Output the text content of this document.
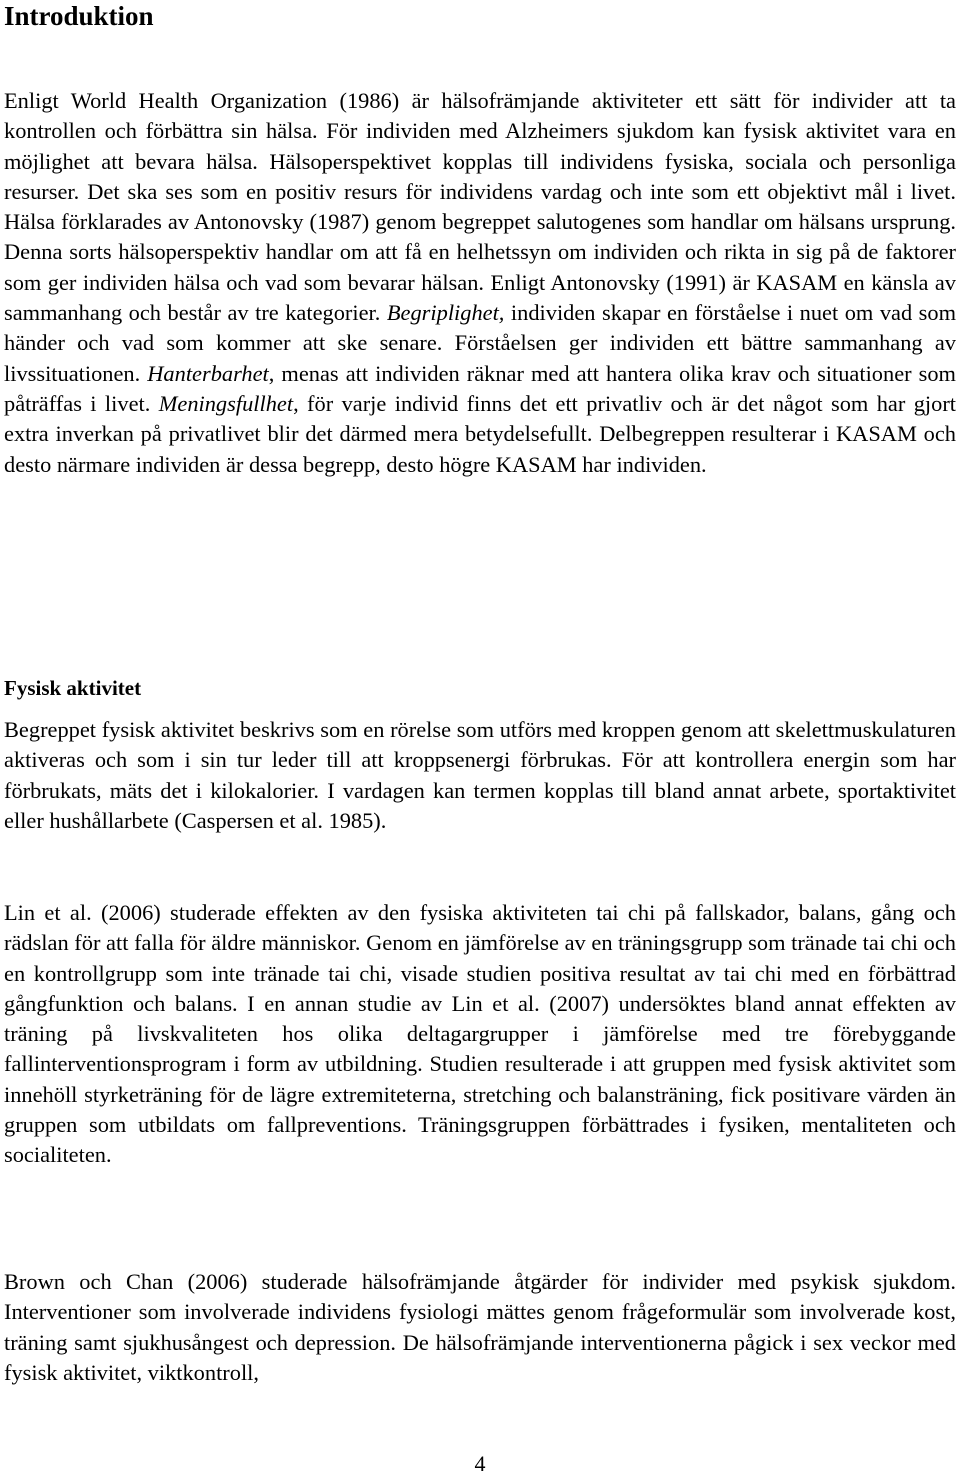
Introduktion

Enligt World Health Organization (1986) är hälsofrämjande aktiviteter ett sätt för individer att ta kontrollen och förbättra sin hälsa. För individen med Alzheimers sjukdom kan fysisk aktivitet vara en möjlighet att bevara hälsa. Hälsoperspektivet kopplas till individens fysiska, sociala och personliga resurser. Det ska ses som en positiv resurs för individens vardag och inte som ett objektivt mål i livet. Hälsa förklarades av Antonovsky (1987) genom begreppet salutogenes som handlar om hälsans ursprung. Denna sorts hälsoperspektiv handlar om att få en helhetssyn om individen och rikta in sig på de faktorer som ger individen hälsa och vad som bevarar hälsan. Enligt Antonovsky (1991) är KASAM en känsla av sammanhang och består av tre kategorier. Begriplighet, individen skapar en förståelse i nuet om vad som händer och vad som kommer att ske senare. Förståelsen ger individen ett bättre sammanhang av livssituationen. Hanterbarhet, menas att individen räknar med att hantera olika krav och situationer som påträffas i livet. Meningsfullhet, för varje individ finns det ett privatliv och är det något som har gjort extra inverkan på privatlivet blir det därmed mera betydelsefullt. Delbegreppen resulterar i KASAM och desto närmare individen är dessa begrepp, desto högre KASAM har individen.

Fysisk aktivitet

Begreppet fysisk aktivitet beskrivs som en rörelse som utförs med kroppen genom att skelettmuskulaturen aktiveras och som i sin tur leder till att kroppsenergi förbrukas. För att kontrollera energin som har förbrukats, mäts det i kilokalorier. I vardagen kan termen kopplas till bland annat arbete, sportaktivitet eller hushållarbete (Caspersen et al. 1985).

Lin et al. (2006) studerade effekten av den fysiska aktiviteten tai chi på fallskador, balans, gång och rädslan för att falla för äldre människor. Genom en jämförelse av en träningsgrupp som tränade tai chi och en kontrollgrupp som inte tränade tai chi, visade studien positiva resultat av tai chi med en förbättrad gångfunktion och balans. I en annan studie av Lin et al. (2007) undersöktes bland annat effekten av träning på livskvaliteten hos olika deltagargrupper i jämförelse med tre förebyggande fallinterventionsprogram i form av utbildning. Studien resulterade i att gruppen med fysisk aktivitet som innehöll styrketräning för de lägre extremiteterna, stretching och balansträning, fick positivare värden än gruppen som utbildats om fallpreventions. Träningsgruppen förbättrades i fysiken, mentaliteten och socialiteten.

Brown och Chan (2006) studerade hälsofrämjande åtgärder för individer med psykisk sjukdom. Interventioner som involverade individens fysiologi mättes genom frågeformulär som involverade kost, träning samt sjukhusångest och depression. De hälsofrämjande interventionerna pågick i sex veckor med fysisk aktivitet, viktkontroll,

4
